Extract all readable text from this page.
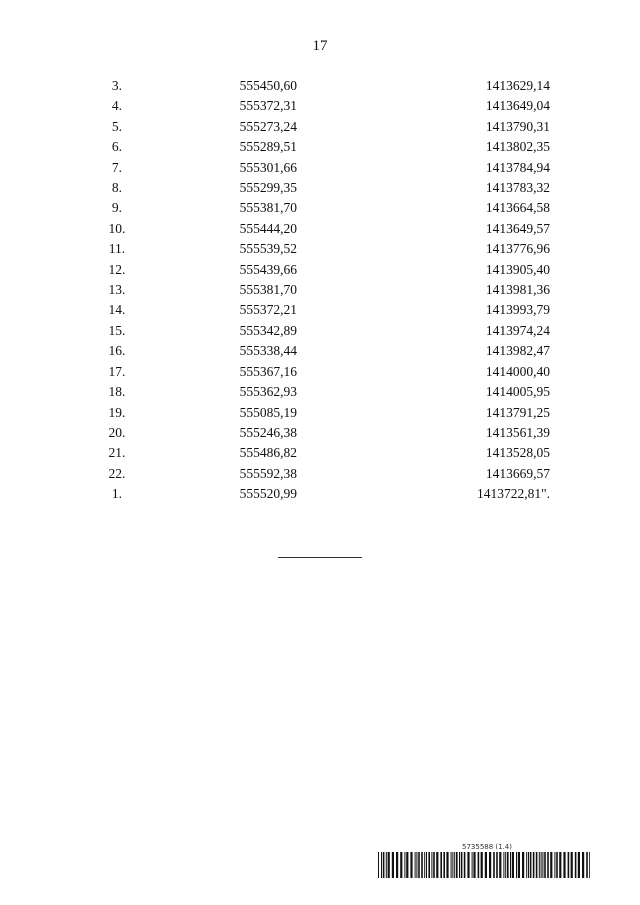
17
3.	555450,60	1413629,14
4.	555372,31	1413649,04
5.	555273,24	1413790,31
6.	555289,51	1413802,35
7.	555301,66	1413784,94
8.	555299,35	1413783,32
9.	555381,70	1413664,58
10.	555444,20	1413649,57
11.	555539,52	1413776,96
12.	555439,66	1413905,40
13.	555381,70	1413981,36
14.	555372,21	1413993,79
15.	555342,89	1413974,24
16.	555338,44	1413982,47
17.	555367,16	1414000,40
18.	555362,93	1414005,95
19.	555085,19	1413791,25
20.	555246,38	1413561,39
21.	555486,82	1413528,05
22.	555592,38	1413669,57
1.	555520,99	1413722,81".
5735588 (1.4)
